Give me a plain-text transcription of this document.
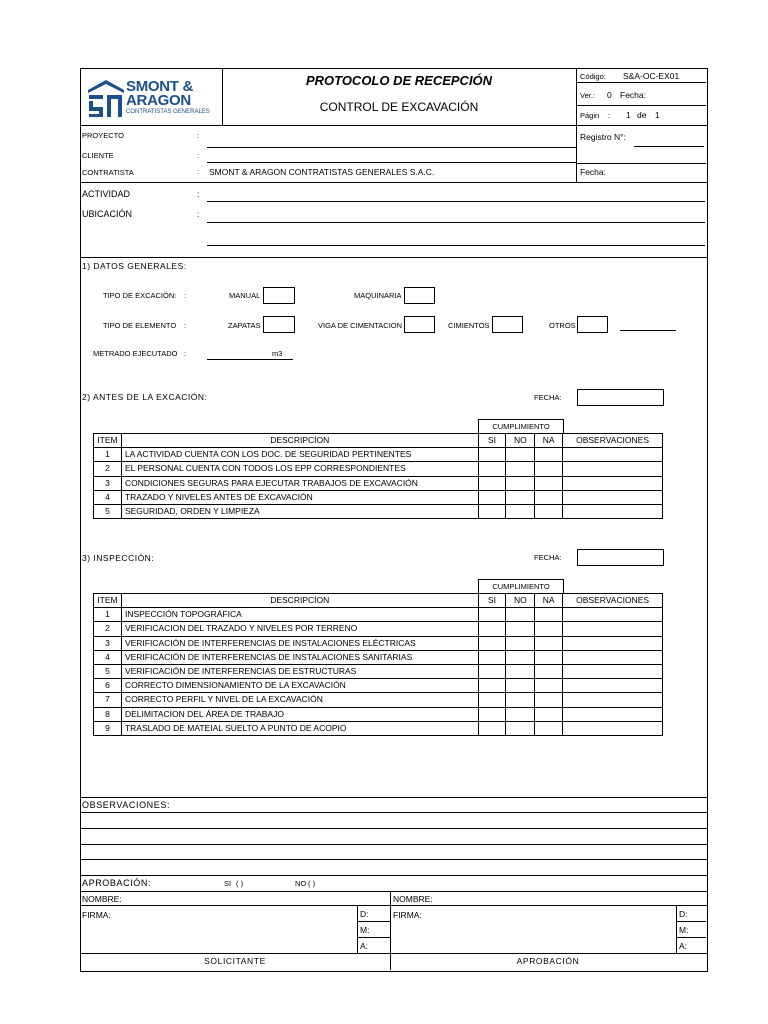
SMONT &
ARAGON
CONTRATISTAS GENERALES
PROTOCOLO DE RECEPCIÓN
CONTROL DE EXCAVACIÓN
Código: S&A-OC-EX01
Ver.: 0 Fecha:
Págin : 1 de 1
PROYECTO	:
CLIENTE	:
CONTRATISTA	: SMONT & ARAGON CONTRATISTAS GENERALES S.A.C.
Registro N°:
Fecha:
ACTIVIDAD	:
UBICACIÓN	:
1) DATOS GENERALES:
TIPO DE EXCACIÓN: :	MANUAL	MAQUINARIA
TIPO DE ELEMENTO :	ZAPATAS	VIGA DE CIMENTACION	CIMIENTOS	OTROS
METRADO EJECUTADO :	m3
2) ANTES DE LA EXCACIÓN:	FECHA:
CUMPLIMIENTO
ITEM	DESCRIPCÍON	SI	NO	NA	OBSERVACIONES
1	LA ACTIVIDAD CUENTA CON LOS DOC. DE SEGURIDAD PERTINENTES				
2	EL PERSONAL CUENTA CON TODOS LOS EPP CORRESPONDIENTES				
3	CONDICIONES SEGURAS PARA EJECUTAR TRABAJOS DE EXCAVACIÓN				
4	TRAZADO Y NIVELES ANTES DE EXCAVACIÓN				
5	SEGURIDAD, ORDEN Y LIMPIEZA				
3) INSPECCIÓN:	FECHA:
CUMPLIMIENTO
ITEM	DESCRIPCÍON	SI	NO	NA	OBSERVACIONES
1	INSPECCIÓN TOPOGRÁFICA				
2	VERIFICACION DEL TRAZADO Y NIVELES POR TERRENO				
3	VERIFICACIÓN DE INTERFERENCIAS DE INSTALACIONES ELÉCTRICAS				
4	VERIFICACIÓN DE INTERFERENCIAS DE INSTALACIONES SANITARIAS				
5	VERIFICACIÓN DE INTERFERENCIAS DE ESTRUCTURAS				
6	CORRECTO DIMENSIONAMIENTO DE LA EXCAVACIÓN				
7	CORRECTO PERFIL Y NIVEL DE LA EXCAVACIÓN				
8	DELIMITACION DEL ÁREA DE TRABAJO				
9	TRASLADO DE MATEIAL SUELTO A PUNTO DE ACOPIO				
OBSERVACIONES:
APROBACIÓN:	SI ( )	NO ( )
NOMBRE:	NOMBRE:
FIRMA:	FIRMA:
D:
M:
A:
D:
M:
A:
SOLICITANTE	APROBACIÓN
